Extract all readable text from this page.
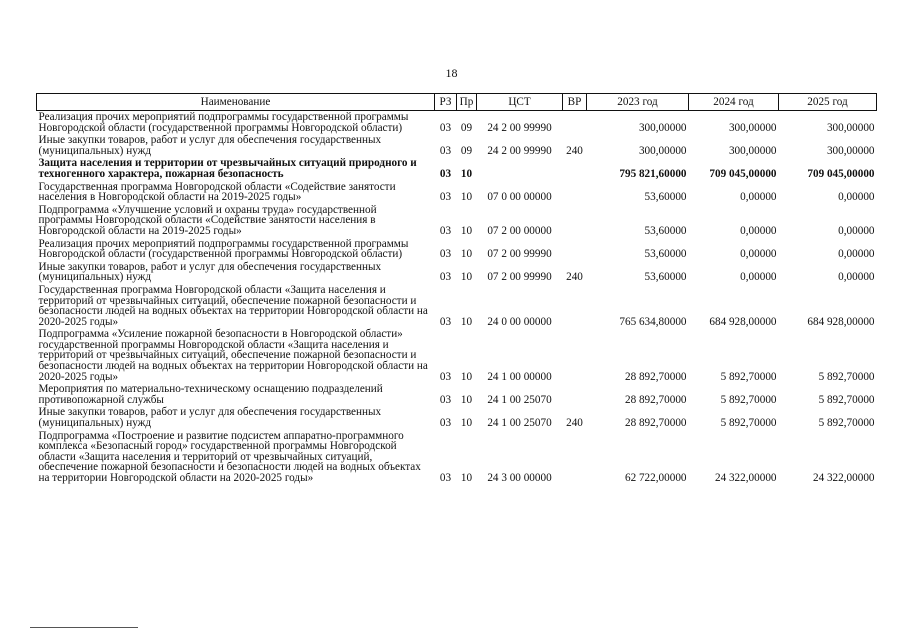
18
Наименование	РЗ	Пр	ЦСТ	ВР	2023 год	2024 год	2025 год
Реализация прочих мероприятий подпрограммы государственной программы Новгородской области (государственной программы Новгородской области)	03	09	24 2 00 99990		300,00000	300,00000	300,00000
Иные закупки товаров, работ и услуг для обеспечения государственных (муниципальных) нужд	03	09	24 2 00 99990	240	300,00000	300,00000	300,00000
Защита населения и территории от чрезвычайных ситуаций природного и техногенного характера, пожарная безопасность	03	10			795 821,60000	709 045,00000	709 045,00000
Государственная программа Новгородской области «Содействие занятости населения в Новгородской области на 2019-2025 годы»	03	10	07 0 00 00000		53,60000	0,00000	0,00000
Подпрограмма «Улучшение условий и охраны труда» государственной программы Новгородской области «Содействие занятости населения в Новгородской области на 2019-2025 годы»	03	10	07 2 00 00000		53,60000	0,00000	0,00000
Реализация прочих мероприятий подпрограммы государственной программы Новгородской области (государственной программы Новгородской области)	03	10	07 2 00 99990		53,60000	0,00000	0,00000
Иные закупки товаров, работ и услуг для обеспечения государственных (муниципальных) нужд	03	10	07 2 00 99990	240	53,60000	0,00000	0,00000
Государственная программа Новгородской области «Защита населения и территорий от чрезвычайных ситуаций, обеспечение пожарной безопасности и безопасности людей на водных объектах на территории Новгородской области на 2020-2025 годы»	03	10	24 0 00 00000		765 634,80000	684 928,00000	684 928,00000
Подпрограмма «Усиление пожарной безопасности в Новгородской области» государственной программы Новгородской области «Защита населения и территорий от чрезвычайных ситуаций, обеспечение пожарной безопасности и безопасности людей на водных объектах на территории Новгородской области на 2020-2025 годы»	03	10	24 1 00 00000		28 892,70000	5 892,70000	5 892,70000
Мероприятия по материально-техническому оснащению подразделений противопожарной службы	03	10	24 1 00 25070		28 892,70000	5 892,70000	5 892,70000
Иные закупки товаров, работ и услуг для обеспечения государственных (муниципальных) нужд	03	10	24 1 00 25070	240	28 892,70000	5 892,70000	5 892,70000
Подпрограмма «Построение и развитие подсистем аппаратно-программного комплекса «Безопасный город» государственной программы Новгородской области «Защита населения и территорий от чрезвычайных ситуаций, обеспечение пожарной безопасности и безопасности людей на водных объектах на территории Новгородской области на 2020-2025 годы»	03	10	24 3 00 00000		62 722,00000	24 322,00000	24 322,00000
